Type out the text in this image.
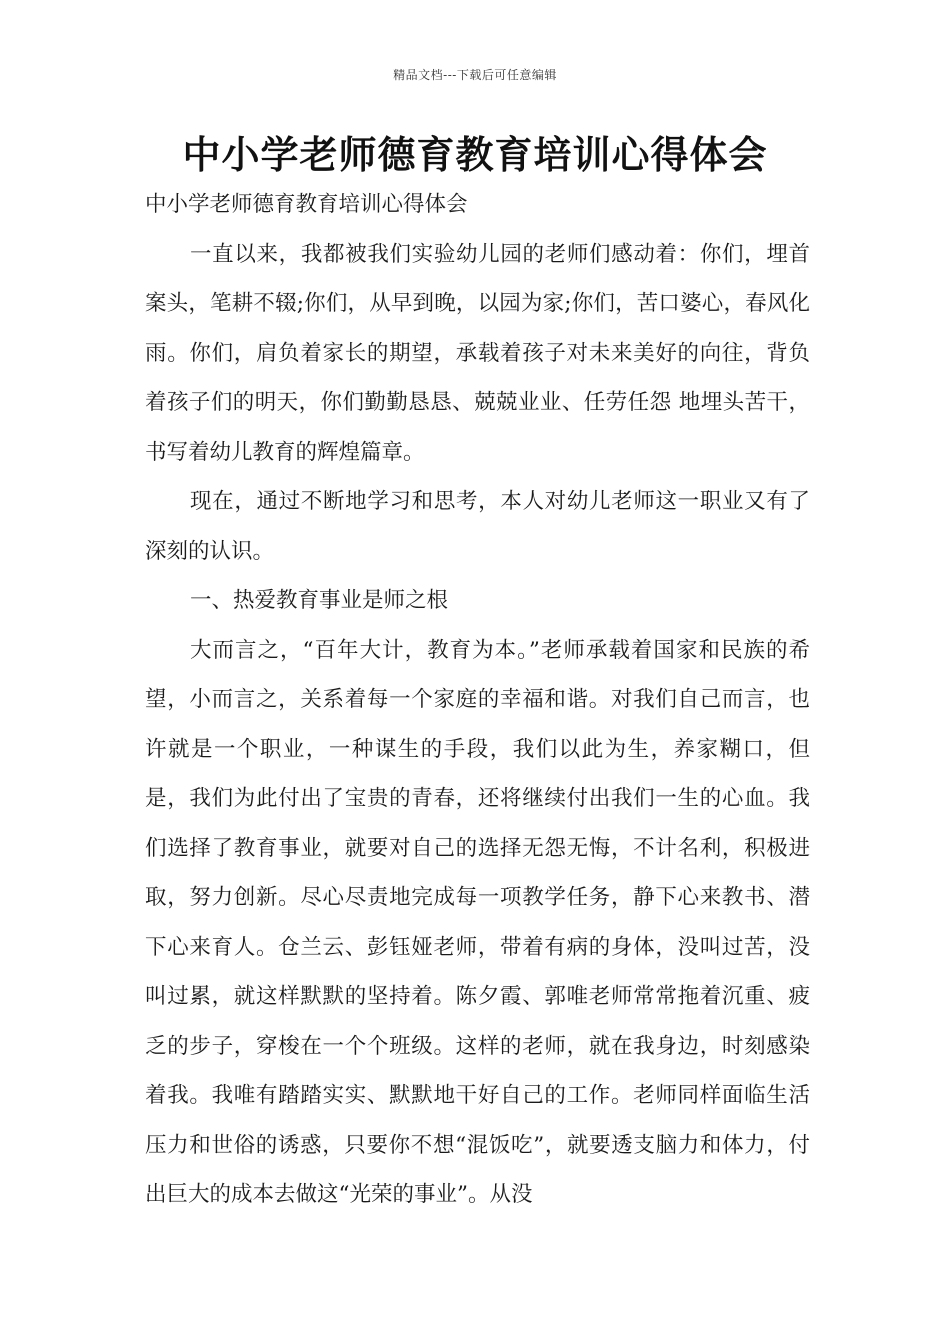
精品文档---下载后可任意编辑
中小学老师德育教育培训心得体会

中小学老师德育教育培训心得体会

一直以来，我都被我们实验幼儿园的老师们感动着：你们，埋首案头，笔耕不辍;你们，从早到晚，以园为家;你们，苦口婆心，春风化雨。你们，肩负着家长的期望，承载着孩子对未来美好的向往，背负着孩子们的明天，你们勤勤恳恳、兢兢业业、任劳任怨 地埋头苦干，书写着幼儿教育的辉煌篇章。

现在，通过不断地学习和思考，本人对幼儿老师这一职业又有了深刻的认识。

一、热爱教育事业是师之根

大而言之，“百年大计，教育为本。”老师承载着国家和民族的希望，小而言之，关系着每一个家庭的幸福和谐。对我们自己而言，也许就是一个职业，一种谋生的手段，我们以此为生，养家糊口，但是，我们为此付出了宝贵的青春，还将继续付出我们一生的心血。我们选择了教育事业，就要对自己的选择无怨无悔，不计名利，积极进取，努力创新。尽心尽责地完成每一项教学任务，静下心来教书、潜下心来育人。仓兰云、彭钰娅老师，带着有病的身体，没叫过苦，没叫过累，就这样默默的坚持着。陈夕霞、郭唯老师常常拖着沉重、疲乏的步子，穿梭在一个个班级。这样的老师，就在我身边，时刻感染着我。我唯有踏踏实实、默默地干好自己的工作。老师同样面临生活压力和世俗的诱惑，只要你不想“混饭吃”，就要透支脑力和体力，付出巨大的成本去做这“光荣的事业”。从没
